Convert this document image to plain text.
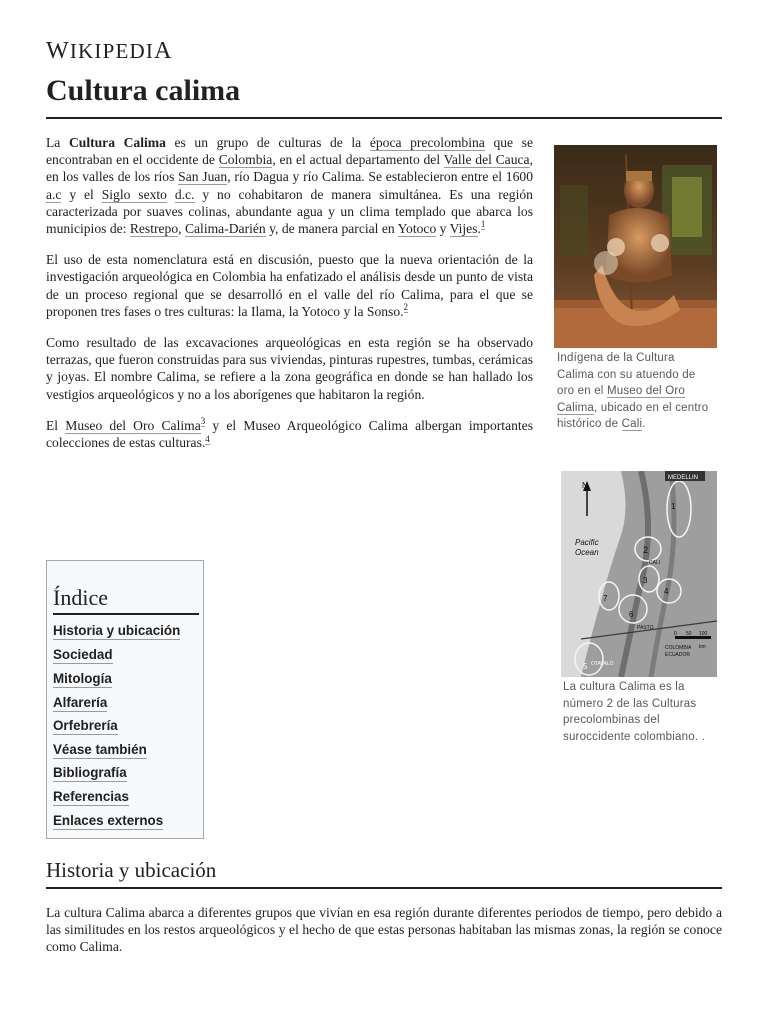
WIKIPEDIA
Cultura calima

La Cultura Calima es un grupo de culturas de la época precolombina que se encontraban en el occidente de Colombia, en el actual departamento del Valle del Cauca, en los valles de los ríos San Juan, río Dagua y río Calima. Se establecieron entre el 1600 a.c y el Siglo sexto d.c. y no cohabitaron de manera simultánea. Es una región caracterizada por suaves colinas, abundante agua y un clima templado que abarca los municipios de: Restrepo, Calima-Darién y, de manera parcial en Yotoco y Vijes.$^1$

El uso de esta nomenclatura está en discusión, puesto que la nueva orientación de la investigación arqueológica en Colombia ha enfatizado el análisis desde un punto de vista de un proceso regional que se desarrolló en el valle del río Calima, para el que se proponen tres fases o tres culturas: la Ilama, la Yotoco y la Sonso.$^2$

Como resultado de las excavaciones arqueológicas en esta región se ha observado terrazas, que fueron construidas para sus viviendas, pinturas rupestres, tumbas, cerámicas y joyas. El nombre Calima, se refiere a la zona geográfica en donde se han hallado los vestigios arqueológicos y no a los aborígenes que habitaron la región.

El Museo del Oro Calima$^3$ y el Museo Arqueológico Calima albergan importantes colecciones de estas culturas.$^4$

Indígena de la Cultura Calima con su atuendo de oro en el Museo del Oro Calima, ubicado en el centro histórico de Cali.
N
MEDELLIN
Pacific
Ocean
CALI
PASTO
COLOMBIA
ECUADOR
OTAVALO
1
2
3
4
5
6
7
0 50 100
km
La cultura Calima es la número 2 de las Culturas precolombinas del suroccidente colombiano. .
Índice
Historia y ubicación
Sociedad
Mitología
Alfarería
Orfebrería
Véase también
Bibliografía
Referencias
Enlaces externos
Historia y ubicación

La cultura Calima abarca a diferentes grupos que vivían en esa región durante diferentes periodos de tiempo, pero debido a las similitudes en los restos arqueológicos y el hecho de que estas personas habitaban las mismas zonas, la región se conoce como Calima.
